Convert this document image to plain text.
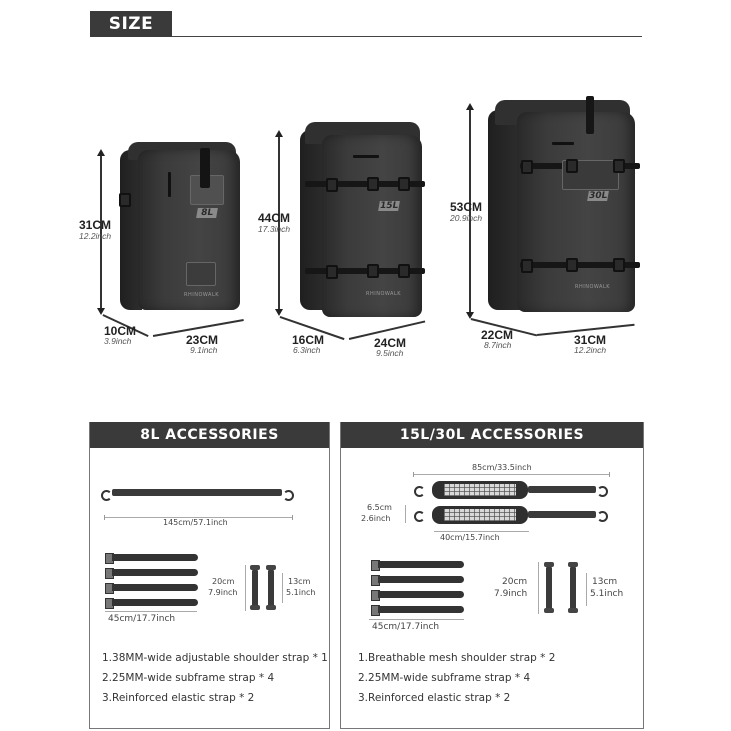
SIZE
31CM
12.2inch
8L
RHINOWALK
10CM
3.9inch	23CM
9.1inch
44CM
17.3inch
15L
RHINOWALK
16CM
6.3inch	24CM
9.5inch
53CM
20.9inch
30L
RHINOWALK
22CM
8.7inch	31CM
12.2inch
8L ACCESSORIES
145cm/57.1inch
45cm/17.7inch
20cm
7.9inch
13cm
5.1inch
1.38MM-wide adjustable shoulder strap * 1
2.25MM-wide subframe strap * 4
3.Reinforced elastic strap * 2
15L/30L ACCESSORIES
85cm/33.5inch
6.5cm
2.6inch
40cm/15.7inch
45cm/17.7inch
20cm
7.9inch
13cm
5.1inch
1.Breathable mesh shoulder strap * 2
2.25MM-wide subframe strap * 4
3.Reinforced elastic strap * 2
